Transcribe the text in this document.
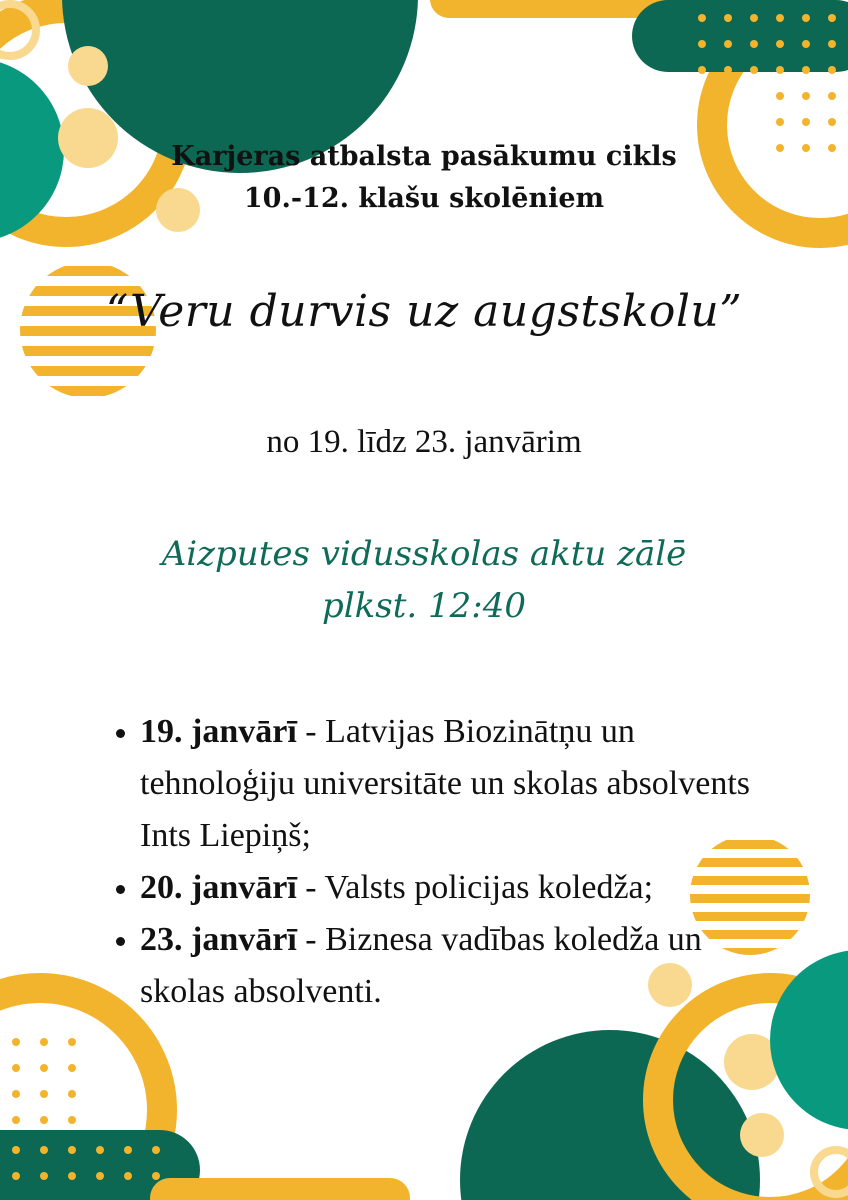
Karjeras atbalsta pasākumu cikls
10.-12. klašu skolēniem
“Veru durvis uz augstskolu”
no 19. līdz 23. janvārim
Aizputes vidusskolas aktu zālē
plkst. 12:40
• 19. janvārī - Latvijas Biozinātņu un tehnoloģiju universitāte un skolas absolvents Ints Liepiņš;
• 20. janvārī - Valsts policijas koledža;
• 23. janvārī - Biznesa vadības koledža un skolas absolventi.
